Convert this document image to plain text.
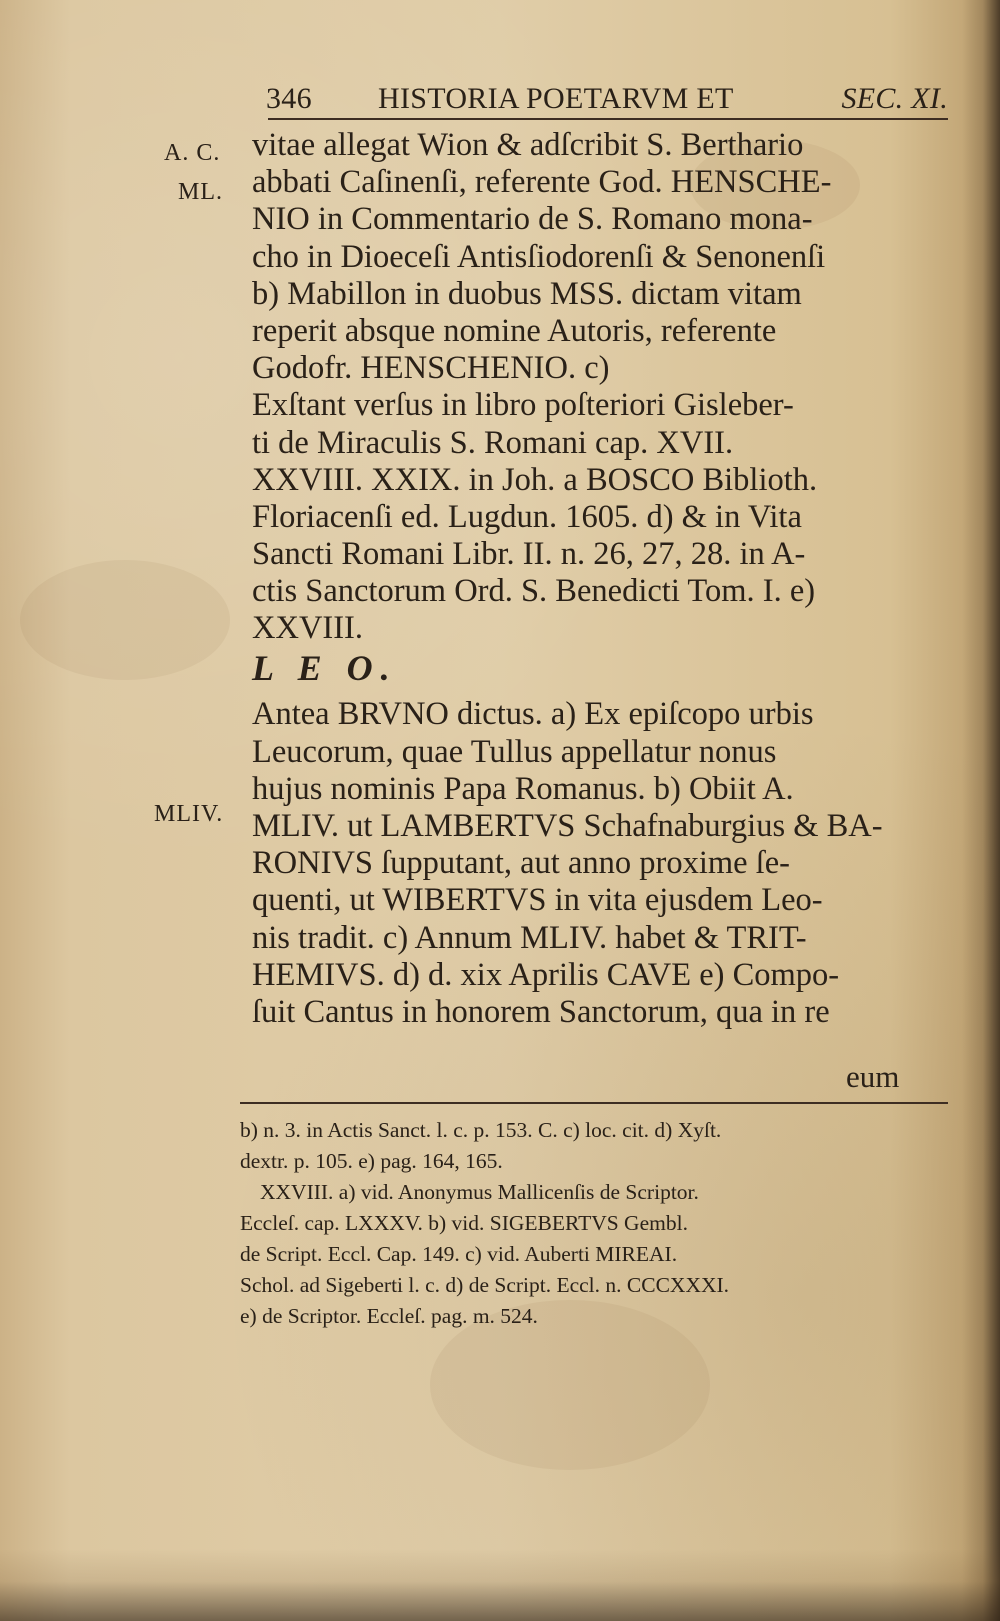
346 HISTORIA POETARVM ET	SEC. XI.
A. C.
ML.
MLIV.
vitae allegat Wion & adſcribit S. Berthario
abbati Caſinenſi, referente God. HENSCHE-
NIO in Commentario de S. Romano mona-
cho in Dioeceſi Antisſiodorenſi & Senonenſi
b) Mabillon in duobus MSS. dictam vitam
reperit absque nomine Autoris, referente
Godofr. HENSCHENIO. c)
Exſtant verſus in libro poſteriori Gisleber-
ti de Miraculis S. Romani cap. XVII.
XXVIII. XXIX. in Joh. a BOSCO Biblioth.
Floriacenſi ed. Lugdun. 1605. d) & in Vita
Sancti Romani Libr. II. n. 26, 27, 28. in A-
ctis Sanctorum Ord. S. Benedicti Tom. I. e)
XXVIII.
L E O.
Antea BRVNO dictus. a) Ex epiſcopo urbis
Leucorum, quae Tullus appellatur nonus
hujus nominis Papa Romanus. b) Obiit A.
MLIV. ut LAMBERTVS Schafnaburgius & BA-
RONIVS ſupputant, aut anno proxime ſe-
quenti, ut WIBERTVS in vita ejusdem Leo-
nis tradit. c) Annum MLIV. habet & TRIT-
HEMIVS. d) d. xix Aprilis CAVE e) Compo-
ſuit Cantus in honorem Sanctorum, qua in re
eum
b) n. 3. in Actis Sanct. l. c. p. 153. C. c) loc. cit. d) Xyſt.
dextr. p. 105. e) pag. 164, 165.
XXVIII. a) vid. Anonymus Mallicenſis de Scriptor.
Eccleſ. cap. LXXXV. b) vid. SIGEBERTVS Gembl.
de Script. Eccl. Cap. 149. c) vid. Auberti MIREAI.
Schol. ad Sigeberti l. c. d) de Script. Eccl. n. CCCXXXI.
e) de Scriptor. Eccleſ. pag. m. 524.
